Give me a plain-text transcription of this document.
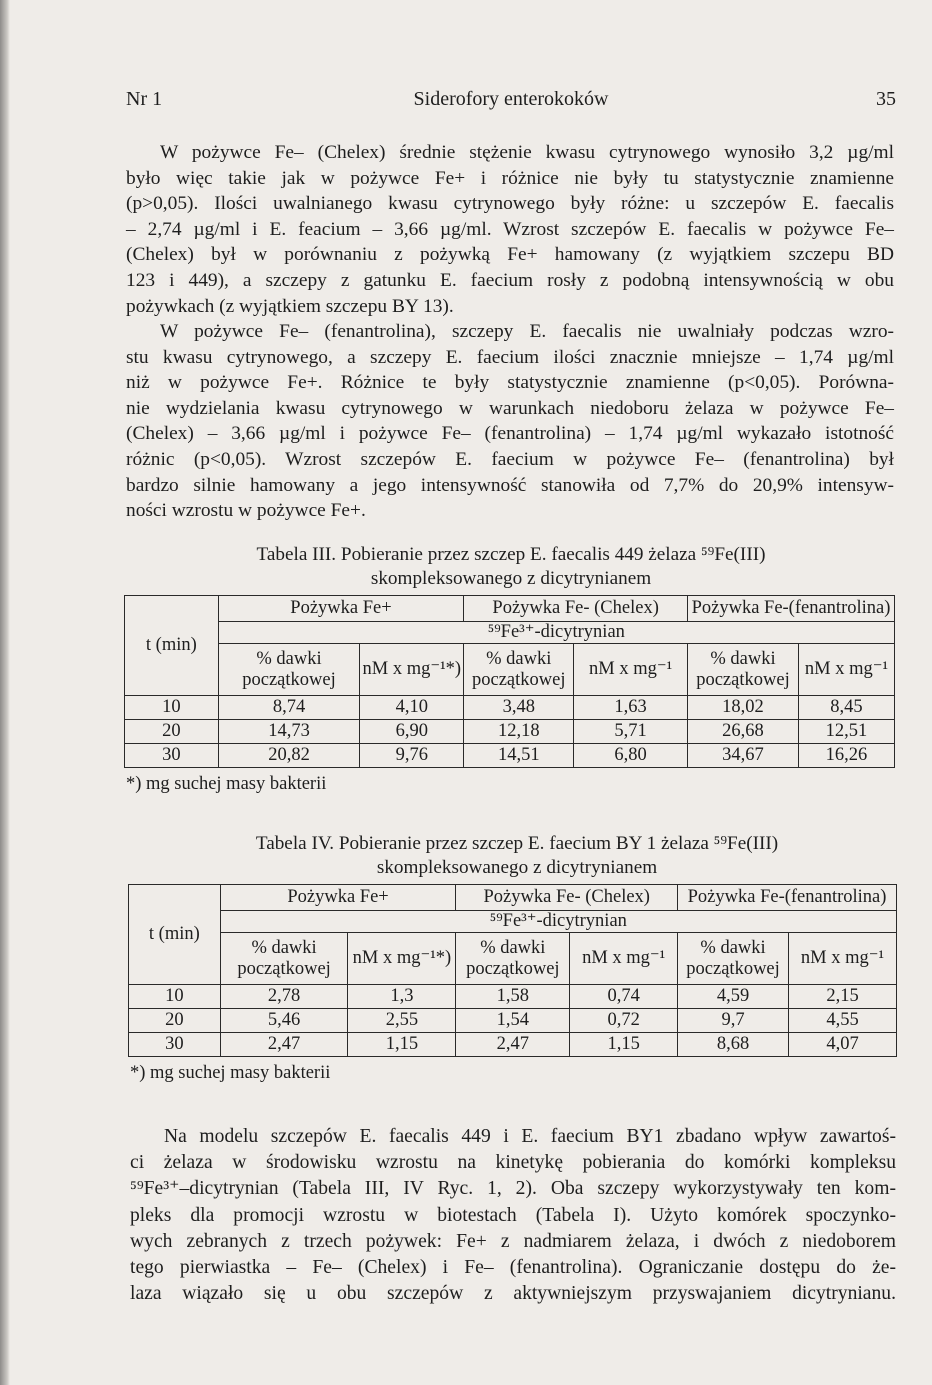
Nr 1	Siderofory enterokoków	35
W pożywce Fe– (Chelex) średnie stężenie kwasu cytrynowego wynosiło 3,2 µg/ml
było więc takie jak w pożywce Fe+ i różnice nie były tu statystycznie znamienne
(p>0,05). Ilości uwalnianego kwasu cytrynowego były różne: u szczepów E. faecalis
– 2,74 µg/ml i E. feacium – 3,66 µg/ml. Wzrost szczepów E. faecalis w pożywce Fe–
(Chelex) był w porównaniu z pożywką Fe+ hamowany (z wyjątkiem szczepu BD
123 i 449), a szczepy z gatunku E. faecium rosły z podobną intensywnością w obu
pożywkach (z wyjątkiem szczepu BY 13).
W pożywce Fe– (fenantrolina), szczepy E. faecalis nie uwalniały podczas wzro-
stu kwasu cytrynowego, a szczepy E. faecium ilości znacznie mniejsze – 1,74 µg/ml
niż w pożywce Fe+. Różnice te były statystycznie znamienne (p<0,05). Porówna-
nie wydzielania kwasu cytrynowego w warunkach niedoboru żelaza w pożywce Fe–
(Chelex) – 3,66 µg/ml i pożywce Fe– (fenantrolina) – 1,74 µg/ml wykazało istotność
różnic (p<0,05). Wzrost szczepów E. faecium w pożywce Fe– (fenantrolina) był
bardzo silnie hamowany a jego intensywność stanowiła od 7,7% do 20,9% intensyw-
ności wzrostu w pożywce Fe+.
Tabela III. Pobieranie przez szczep E. faecalis 449 żelaza ⁵⁹Fe(III)
skompleksowanego z dicytrynianem
t (min)	Pożywka Fe+		Pożywka Fe- (Chelex)		Pożywka Fe-(fenantrolina)	
	⁵⁹Fe³⁺-dicytrynian					
	% dawki
początkowej	nM x mg⁻¹*)	% dawki
początkowej	nM x mg⁻¹	% dawki
początkowej	nM x mg⁻¹
10	8,74	4,10	3,48	1,63	18,02	8,45
20	14,73	6,90	12,18	5,71	26,68	12,51
30	20,82	9,76	14,51	6,80	34,67	16,26
*) mg suchej masy bakterii
Tabela IV. Pobieranie przez szczep E. faecium BY 1 żelaza ⁵⁹Fe(III)
skompleksowanego z dicytrynianem
t (min)	Pożywka Fe+		Pożywka Fe- (Chelex)		Pożywka Fe-(fenantrolina)	
	⁵⁹Fe³⁺-dicytrynian					
	% dawki
początkowej	nM x mg⁻¹*)	% dawki
początkowej	nM x mg⁻¹	% dawki
początkowej	nM x mg⁻¹
10	2,78	1,3	1,58	0,74	4,59	2,15
20	5,46	2,55	1,54	0,72	9,7	4,55
30	2,47	1,15	2,47	1,15	8,68	4,07
*) mg suchej masy bakterii
Na modelu szczepów E. faecalis 449 i E. faecium BY1 zbadano wpływ zawartoś-
ci żelaza w środowisku wzrostu na kinetykę pobierania do komórki kompleksu
⁵⁹Fe³⁺–dicytrynian (Tabela III, IV Ryc. 1, 2). Oba szczepy wykorzystywały ten kom-
pleks dla promocji wzrostu w biotestach (Tabela I). Użyto komórek spoczynko-
wych zebranych z trzech pożywek: Fe+ z nadmiarem żelaza, i dwóch z niedoborem
tego pierwiastka – Fe– (Chelex) i Fe– (fenantrolina). Ograniczanie dostępu do że-
laza wiązało się u obu szczepów z aktywniejszym przyswajaniem dicytrynianu.
